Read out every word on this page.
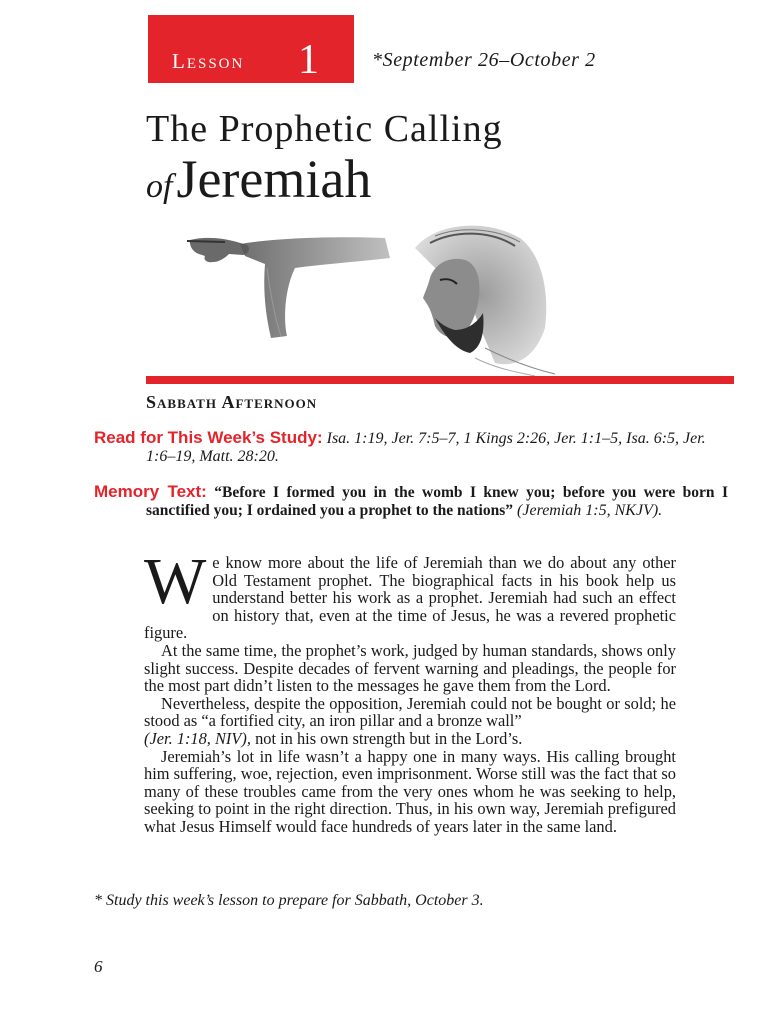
Lesson 1	*September 26–October 2
The Prophetic Calling
of Jeremiah
Sabbath Afternoon
Read for This Week’s Study: Isa. 1:19, Jer. 7:5–7, 1 Kings 2:26, Jer. 1:1–5, Isa. 6:5, Jer. 1:6–19, Matt. 28:20.
Memory Text: “Before I formed you in the womb I knew you; before you were born I sanctified you; I ordained you a prophet to the nations” (Jeremiah 1:5, NKJV).

We know more about the life of Jeremiah than we do about any other Old Testament prophet. The biographical facts in his book help us understand better his work as a prophet. Jeremiah had such an effect on history that, even at the time of Jesus, he was a revered prophetic figure.

At the same time, the prophet’s work, judged by human standards, shows only slight success. Despite decades of fervent warning and pleadings, the people for the most part didn’t listen to the messages he gave them from the Lord.

Nevertheless, despite the opposition, Jeremiah could not be bought or sold; he stood as “a fortified city, an iron pillar and a bronze wall”
(Jer. 1:18, NIV), not in his own strength but in the Lord’s.

Jeremiah’s lot in life wasn’t a happy one in many ways. His calling brought him suffering, woe, rejection, even imprisonment. Worse still was the fact that so many of these troubles came from the very ones whom he was seeking to help, seeking to point in the right direction. Thus, in his own way, Jeremiah prefigured what Jesus Himself would face hundreds of years later in the same land.

* Study this week’s lesson to prepare for Sabbath, October 3.
6
